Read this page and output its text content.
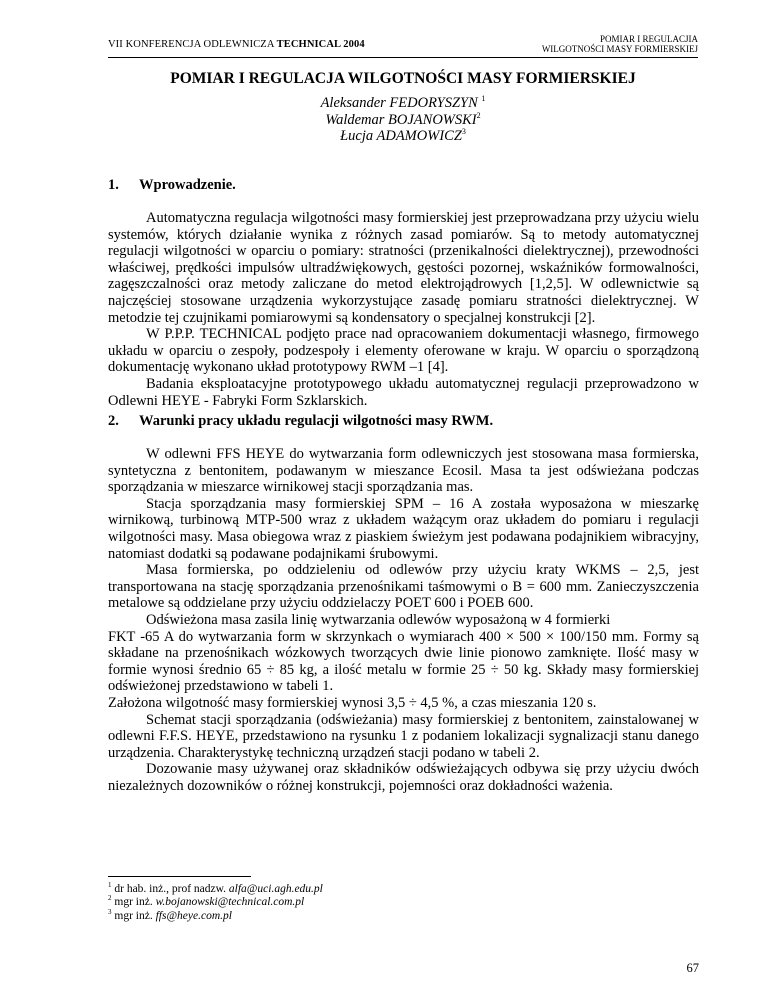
VII KONFERENCJA ODLEWNICZA TECHNICAL 2004	POMIAR I REGULACJIA
WILGOTNOŚCI MASY FORMIERSKIEJ
POMIAR I REGULACJA WILGOTNOŚCI MASY FORMIERSKIEJ
Aleksander FEDORYSZYN $^1$
Waldemar BOJANOWSKI$^2$
Łucja ADAMOWICZ$^3$
1. Wprowadzenie.

Automatyczna regulacja wilgotności masy formierskiej jest przeprowadzana przy użyciu wielu systemów, których działanie wynika z różnych zasad pomiarów. Są to metody automatycznej regulacji wilgotności w oparciu o pomiary: stratności (przenikalności dielektrycznej), przewodności właściwej, prędkości impulsów ultradźwiękowych, gęstości pozornej, wskaźników formowalności, zagęszczalności oraz metody zaliczane do metod elektrojądrowych [1,2,5]. W odlewnictwie są najczęściej stosowane urządzenia wykorzystujące zasadę pomiaru stratności dielektrycznej. W metodzie tej czujnikami pomiarowymi są kondensatory o specjalnej konstrukcji [2].

W P.P.P. TECHNICAL podjęto prace nad opracowaniem dokumentacji własnego, firmowego układu w oparciu o zespoły, podzespoły i elementy oferowane w kraju. W oparciu o sporządzoną dokumentację wykonano układ prototypowy RWM –1 [4].

Badania eksploatacyjne prototypowego układu automatycznej regulacji przeprowadzono w Odlewni HEYE - Fabryki Form Szklarskich.

2. Warunki pracy układu regulacji wilgotności masy RWM.

W odlewni FFS HEYE do wytwarzania form odlewniczych jest stosowana masa formierska, syntetyczna z bentonitem, podawanym w mieszance Ecosil. Masa ta jest odświeżana podczas sporządzania w mieszarce wirnikowej stacji sporządzania mas.

Stacja sporządzania masy formierskiej SPM – 16 A została wyposażona w mieszarkę wirnikową, turbinową MTP-500 wraz z układem ważącym oraz układem do pomiaru i regulacji wilgotności masy. Masa obiegowa wraz z piaskiem świeżym jest podawana podajnikiem wibracyjny, natomiast dodatki są podawane podajnikami śrubowymi.

Masa formierska, po oddzieleniu od odlewów przy użyciu kraty WKMS – 2,5, jest transportowana na stację sporządzania przenośnikami taśmowymi o B = 600 mm. Zanieczyszczenia metalowe są oddzielane przy użyciu oddzielaczy POET 600 i POEB 600.

Odświeżona masa zasila linię wytwarzania odlewów wyposażoną w 4 formierki

FKT -65 A do wytwarzania form w skrzynkach o wymiarach 400 × 500 × 100/150 mm. Formy są składane na przenośnikach wózkowych tworzących dwie linie pionowo zamknięte. Ilość masy w formie wynosi średnio 65 ÷ 85 kg, a ilość metalu w formie 25 ÷ 50 kg. Składy masy formierskiej odświeżonej przedstawiono w tabeli 1.

Założona wilgotność masy formierskiej wynosi 3,5 ÷ 4,5 %, a czas mieszania 120 s.

Schemat stacji sporządzania (odświeżania) masy formierskiej z bentonitem, zainstalowanej w odlewni F.F.S. HEYE, przedstawiono na rysunku 1 z podaniem lokalizacji sygnalizacji stanu danego urządzenia. Charakterystykę techniczną urządzeń stacji podano w tabeli 2.

Dozowanie masy używanej oraz składników odświeżających odbywa się przy użyciu dwóch niezależnych dozowników o różnej konstrukcji, pojemności oraz dokładności ważenia.

$^1$ dr hab. inż., prof nadzw. alfa@uci.agh.edu.pl
$^2$ mgr inż. w.bojanowski@technical.com.pl
$^3$ mgr inż. ffs@heye.com.pl
67
